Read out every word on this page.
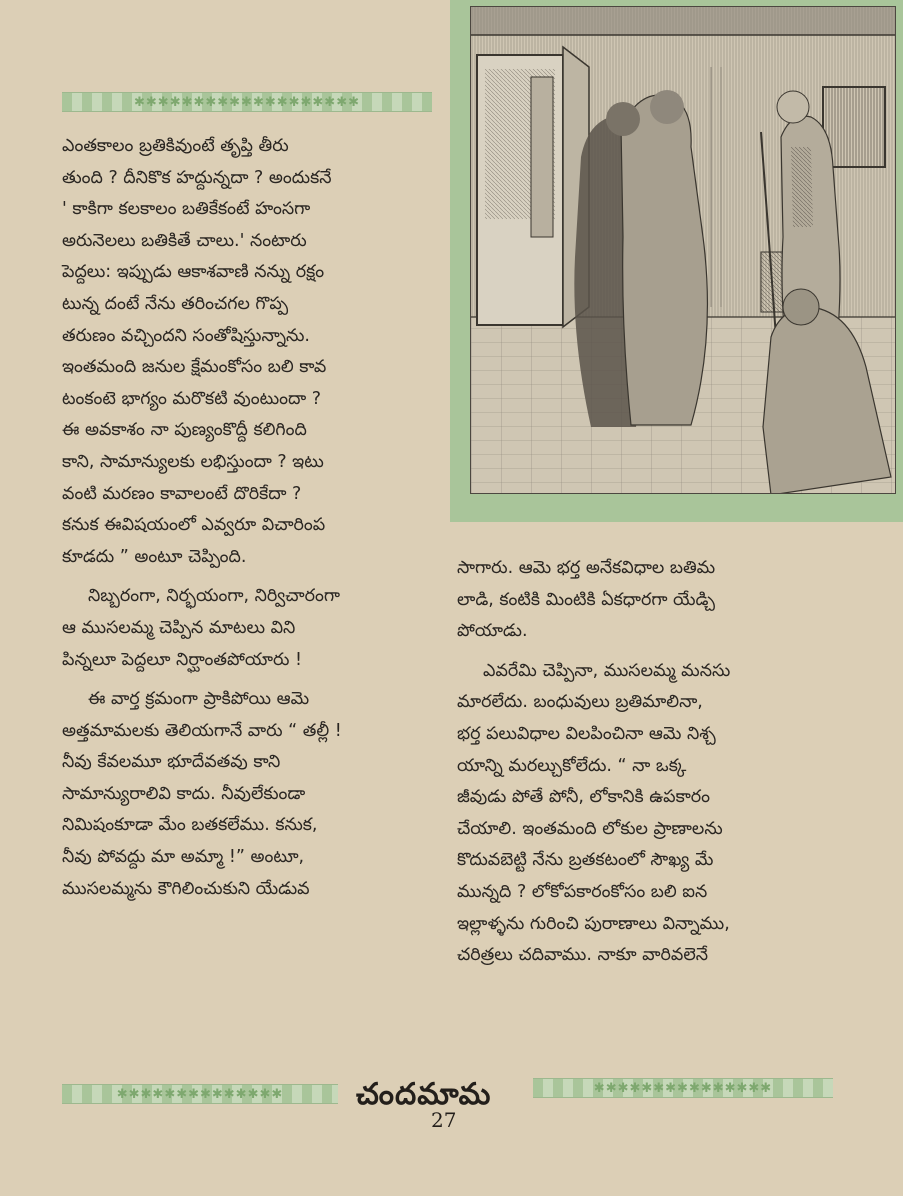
✱✱✱✱✱✱✱✱✱✱✱✱✱✱✱✱✱✱✱

ఎంతకాలం బ్రతికివుంటే తృప్తి తీరు

తుంది ? దీనికొక హద్దున్నదా ? అందుకనే

' కాకిగా కలకాలం బతికేకంటే హంసగా

అరునెలలు బతికితే చాలు.' నంటారు

పెద్దలు: ఇప్పుడు ఆకాశవాణి నన్ను రక్షం

టున్న దంటే నేను తరించగల గొప్ప

తరుణం వచ్చిందని సంతోషిస్తున్నాను.

ఇంతమంది జనుల క్షేమంకోసం బలి కావ

టంకంటె భాగ్యం మరొకటి వుంటుందా ?

ఈ అవకాశం నా పుణ్యంకొద్దీ కలిగింది

కాని, సామాన్యులకు లభిస్తుందా ? ఇటు

వంటి మరణం కావాలంటే దొరికేదా ?

కనుక ఈవిషయంలో ఎవ్వరూ విచారింప

కూడదు ” అంటూ చెప్పింది.

నిబ్బరంగా, నిర్భయంగా, నిర్విచారంగా

ఆ ముసలమ్మ చెప్పిన మాటలు విని

పిన్నలూ పెద్దలూ నిర్ఘాంతపోయారు !

ఈ వార్త క్రమంగా ప్రాకిపోయి ఆమె

అత్తమామలకు తెలియగానే వారు “ తల్లీ !

నీవు కేవలమూ భూదేవతవు కాని

సామాన్యురాలివి కాదు. నీవులేకుండా

నిమిషంకూడా మేం బతకలేము. కనుక,

నీవు పోవద్దు మా అమ్మా !” అంటూ,

ముసలమ్మను కౌగిలించుకుని యేడువ

సాగారు. ఆమె భర్త అనేకవిధాల బతిమ

లాడి, కంటికి మింటికి ఏకధారగా యేడ్చి

పోయాడు.

ఎవరేమి చెప్పినా, ముసలమ్మ మనసు

మారలేదు. బంధువులు బ్రతిమాలినా,

భర్త పలువిధాల విలపించినా ఆమె నిశ్చ

యాన్ని మరల్చుకోలేదు. “ నా ఒక్క

జీవుడు పోతే పోనీ, లోకానికి ఉపకారం

చేయాలి. ఇంతమంది లోకుల ప్రాణాలను

కొదువబెట్టి నేను బ్రతకటంలో సౌఖ్య మే

మున్నది ? లోకోపకారంకోసం బలి ఐన

ఇల్లాళ్ళను గురించి పురాణాలు విన్నాము,

చరిత్రలు చదివాము. నాకూ వారివలెనే

✱✱✱✱✱✱✱✱✱✱✱✱✱✱	✱✱✱✱✱✱✱✱✱✱✱✱✱✱✱
చందమామ
27
